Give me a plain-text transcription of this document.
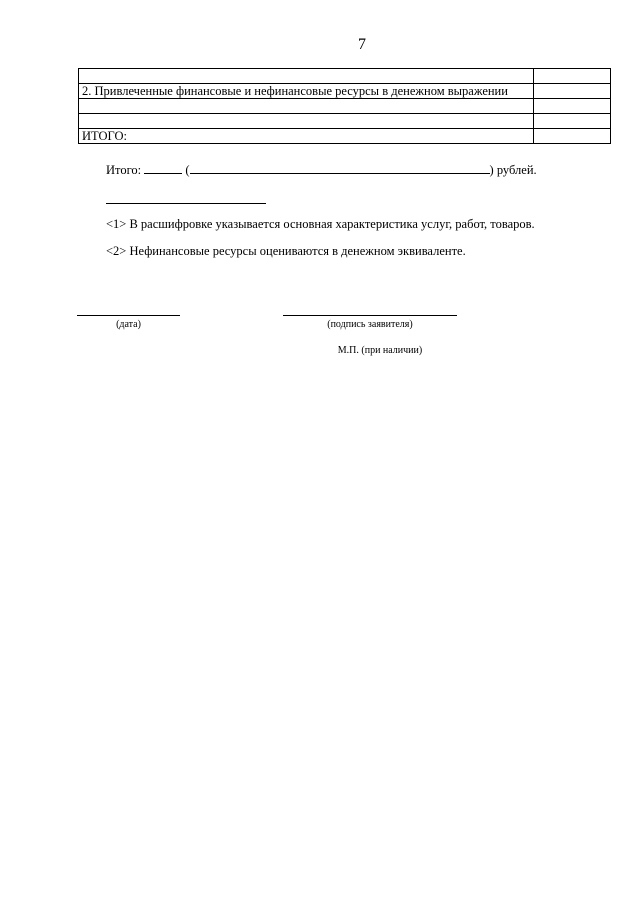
7

2. Привлеченные финансовые и нефинансовые ресурсы в денежном выражении	

ИТОГО:	
Итого:	(	) рублей.
<1> В расшифровке указывается основная характеристика услуг, работ, товаров.
<2> Нефинансовые ресурсы оцениваются в денежном эквиваленте.
(дата)	(подпись заявителя)
М.П. (при наличии)
